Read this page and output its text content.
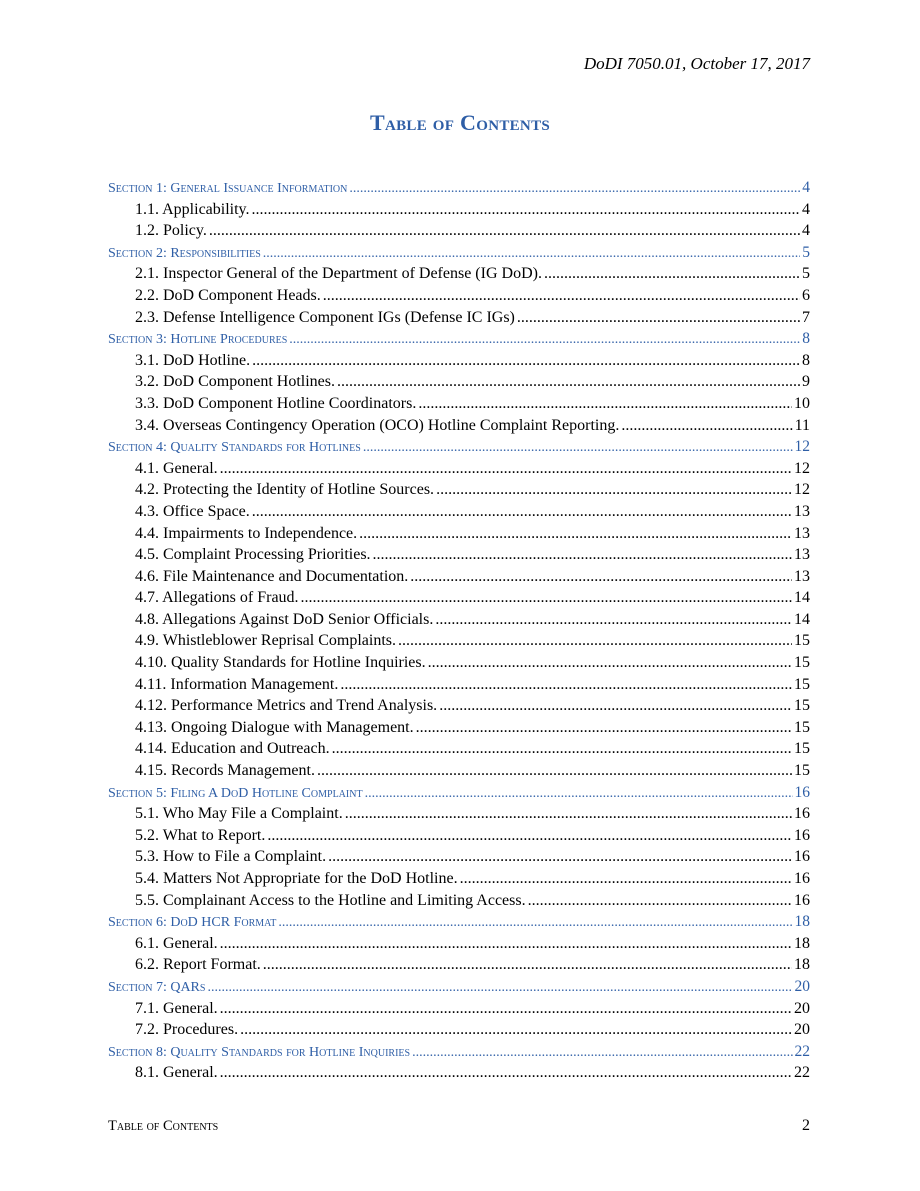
DoDI 7050.01, October 17, 2017
Table of Contents
Section 1: General Issuance Information .....	4
1.1. Applicability. .....	4
1.2. Policy. .....	4
Section 2: Responsibilities .....	5
2.1. Inspector General of the Department of Defense (IG DoD). .....	5
2.2. DoD Component Heads. .....	6
2.3. Defense Intelligence Component IGs (Defense IC IGs) .....	7
Section 3: Hotline Procedures .....	8
3.1. DoD Hotline. .....	8
3.2. DoD Component Hotlines. .....	9
3.3. DoD Component Hotline Coordinators. .....	10
3.4. Overseas Contingency Operation (OCO) Hotline Complaint Reporting. .....	11
Section 4: Quality Standards for Hotlines .....	12
4.1. General. .....	12
4.2. Protecting the Identity of Hotline Sources. .....	12
4.3. Office Space. .....	13
4.4. Impairments to Independence. .....	13
4.5. Complaint Processing Priorities. .....	13
4.6. File Maintenance and Documentation. .....	13
4.7. Allegations of Fraud. .....	14
4.8. Allegations Against DoD Senior Officials. .....	14
4.9. Whistleblower Reprisal Complaints. .....	15
4.10. Quality Standards for Hotline Inquiries. .....	15
4.11. Information Management. .....	15
4.12. Performance Metrics and Trend Analysis. .....	15
4.13. Ongoing Dialogue with Management. .....	15
4.14. Education and Outreach. .....	15
4.15. Records Management. .....	15
Section 5: Filing A DoD Hotline Complaint .....	16
5.1. Who May File a Complaint. .....	16
5.2. What to Report. .....	16
5.3. How to File a Complaint. .....	16
5.4. Matters Not Appropriate for the DoD Hotline. .....	16
5.5. Complainant Access to the Hotline and Limiting Access. .....	16
Section 6: DoD HCR Format .....	18
6.1. General. .....	18
6.2. Report Format. .....	18
Section 7: QARs .....	20
7.1. General. .....	20
7.2. Procedures. .....	20
Section 8: Quality Standards for Hotline Inquiries .....	22
8.1. General. .....	22
Table of Contents	2
